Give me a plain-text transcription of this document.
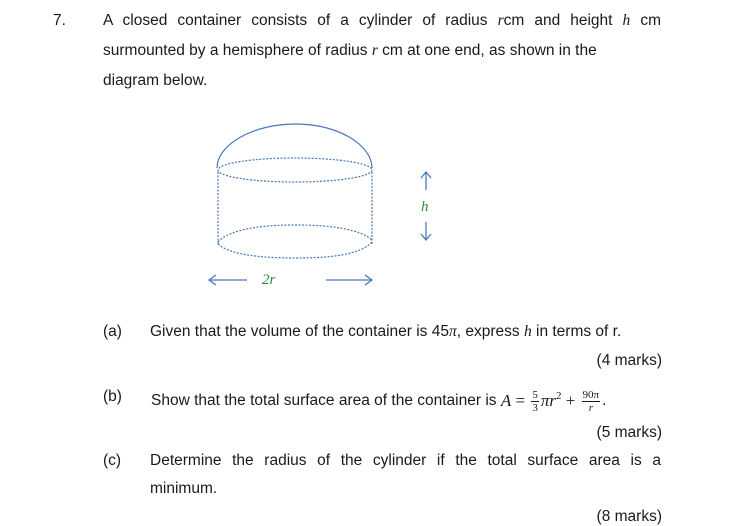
7. A closed container consists of a cylinder of radius rcm and height h cm
surmounted by a hemisphere of radius r cm at one end, as shown in the
diagram below.
h
2r
(a) Given that the volume of the container is 45π, express h in terms of r.
(4 marks)
(b) Show that the total surface area of the container is $A = \frac{5}{3} \pi r^2 + \frac{90\pi}{r}$ .
(5 marks)
(c) Determine the radius of the cylinder if the total surface area is a
minimum.
(8 marks)
